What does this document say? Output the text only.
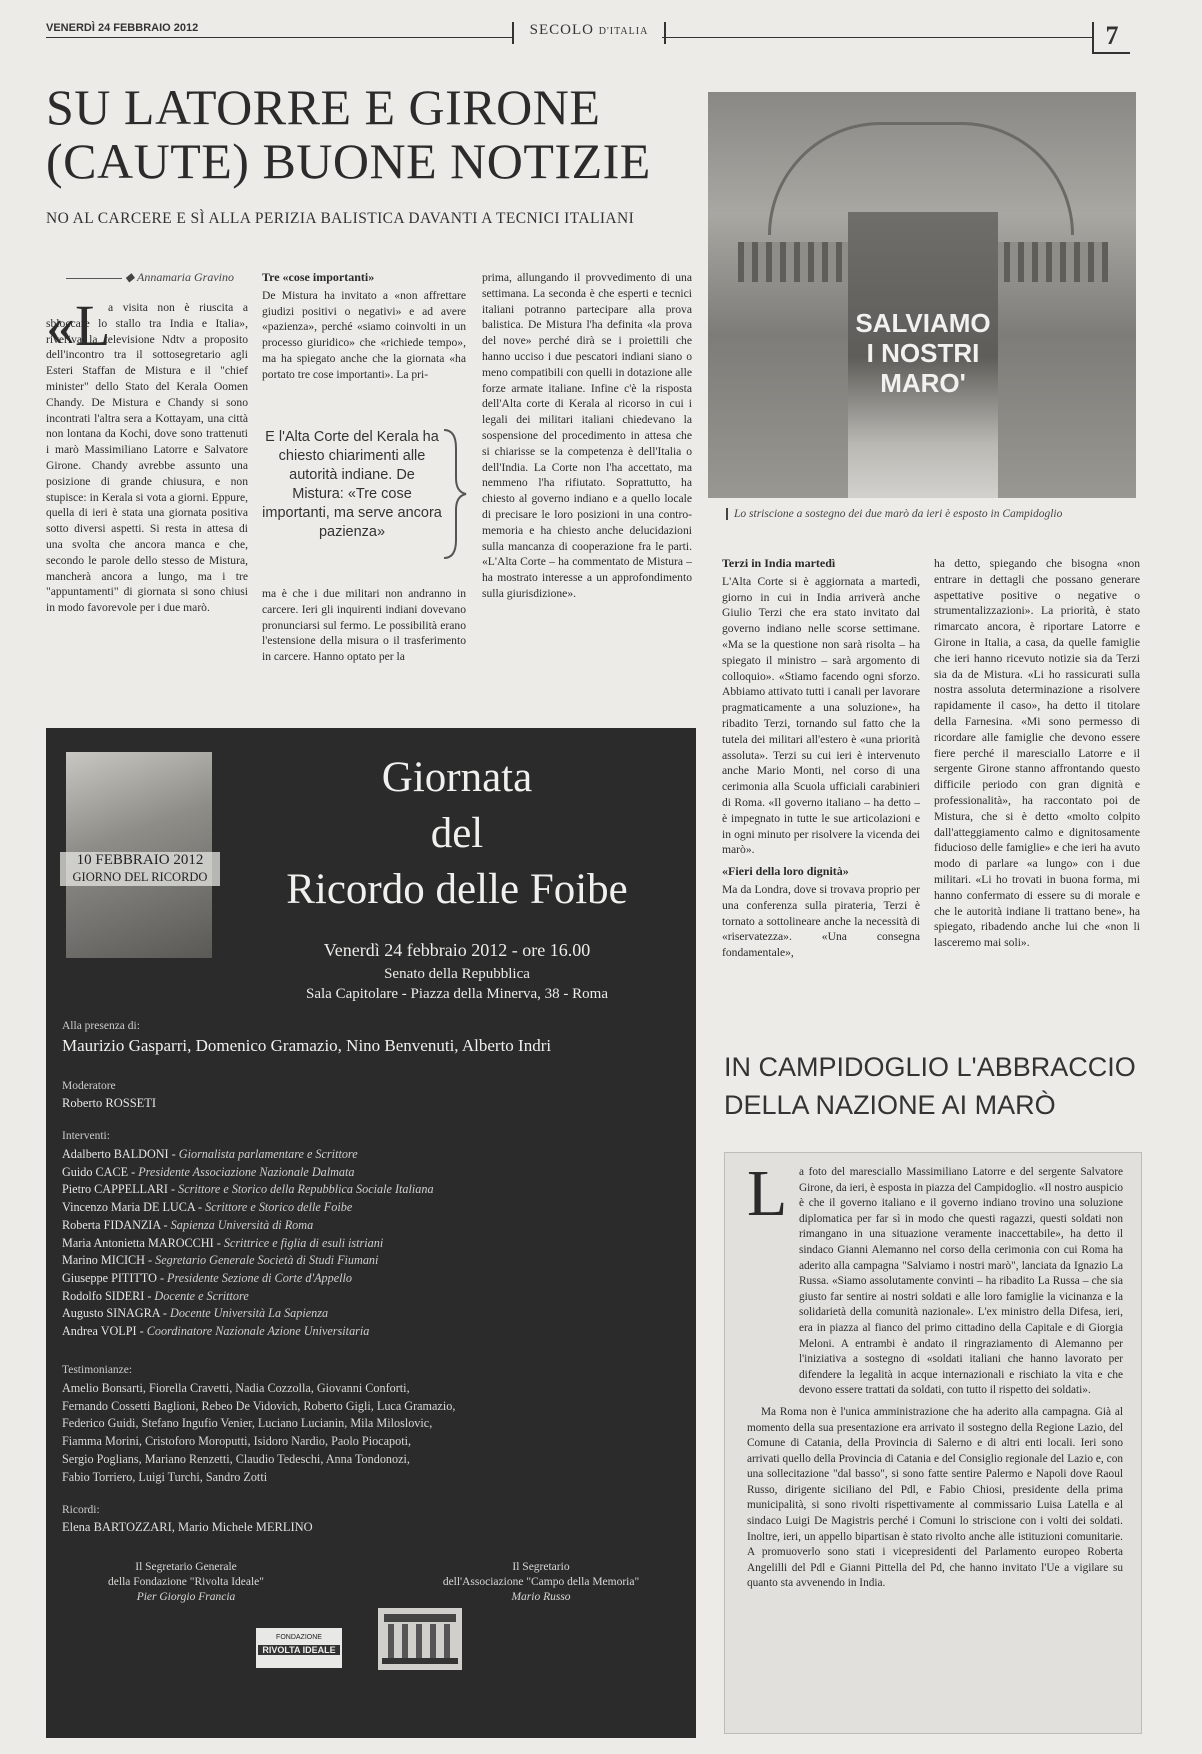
VENERDÌ 24 FEBBRAIO 2012	SECOLO D'ITALIA	7
SU LATORRE E GIRONE
(CAUTE) BUONE NOTIZIE
NO AL CARCERE E SÌ ALLA PERIZIA BALISTICA DAVANTI A TECNICI ITALIANI
◆ Annamaria Gravino
«L

a visita non è riuscita a sbloccare lo stallo tra India e Italia», riveriva la televisione Ndtv a proposito dell'incontro tra il sottosegretario agli Esteri Staffan de Mistura e il "chief minister" dello Stato del Kerala Oomen Chandy. De Mistura e Chandy si sono incontrati l'altra sera a Kottayam, una città non lontana da Kochi, dove sono trattenuti i marò Massimiliano Latorre e Salvatore Girone. Chandy avrebbe assunto una posizione di grande chiusura, e non stupisce: in Kerala si vota a giorni. Eppure, quella di ieri è stata una giornata positiva sotto diversi aspetti. Si resta in attesa di una svolta che ancora manca e che, secondo le parole dello stesso de Mistura, mancherà ancora a lungo, ma i tre "appuntamenti" di giornata si sono chiusi in modo favorevole per i due marò.

Tre «cose importanti»

De Mistura ha invitato a «non affrettare giudizi positivi o negativi» e ad avere «pazienza», perché «siamo coinvolti in un processo giuridico» che «richiede tempo», ma ha spiegato anche che la giornata «ha portato tre cose importanti». La pri-

E l'Alta Corte del Kerala ha chiesto chiarimenti alle autorità indiane. De Mistura: «Tre cose importanti, ma serve ancora pazienza»

ma è che i due militari non andranno in carcere. Ieri gli inquirenti indiani dovevano pronunciarsi sul fermo. Le possibilità erano l'estensione della misura o il trasferimento in carcere. Hanno optato per la

prima, allungando il provvedimento di una settimana. La seconda è che esperti e tecnici italiani potranno partecipare alla prova balistica. De Mistura l'ha definita «la prova del nove» perché dirà se i proiettili che hanno ucciso i due pescatori indiani siano o meno compatibili con quelli in dotazione alle forze armate italiane. Infine c'è la risposta dell'Alta corte di Kerala al ricorso in cui i legali dei militari italiani chiedevano la sospensione del procedimento in attesa che si chiarisse se la competenza è dell'Italia o dell'India. La Corte non l'ha accettato, ma nemmeno l'ha rifiutato. Soprattutto, ha chiesto al governo indiano e a quello locale di precisare le loro posizioni in una contro-memoria e ha chiesto anche delucidazioni sulla mancanza di cooperazione fra le parti. «L'Alta Corte – ha commentato de Mistura – ha mostrato interesse a un approfondimento sulla giurisdizione».

SALVIAMO
I NOSTRI
MARO'
Lo striscione a sostegno dei due marò da ieri è esposto in Campidoglio
Terzi in India martedì

L'Alta Corte si è aggiornata a martedì, giorno in cui in India arriverà anche Giulio Terzi che era stato invitato dal governo indiano nelle scorse settimane. «Ma se la questione non sarà risolta – ha spiegato il ministro – sarà argomento di colloquio». «Stiamo facendo ogni sforzo. Abbiamo attivato tutti i canali per lavorare pragmaticamente a una soluzione», ha ribadito Terzi, tornando sul fatto che la tutela dei militari all'estero è «una priorità assoluta». Terzi su cui ieri è intervenuto anche Mario Monti, nel corso di una cerimonia alla Scuola ufficiali carabinieri di Roma. «Il governo italiano – ha detto – è impegnato in tutte le sue articolazioni e in ogni minuto per risolvere la vicenda dei marò».

«Fieri della loro dignità»

Ma da Londra, dove si trovava proprio per una conferenza sulla pirateria, Terzi è tornato a sottolineare anche la necessità di «riservatezza». «Una consegna fondamentale»,

ha detto, spiegando che bisogna «non entrare in dettagli che possano generare aspettative positive o negative o strumentalizzazioni». La priorità, è stato rimarcato ancora, è riportare Latorre e Girone in Italia, a casa, da quelle famiglie che ieri hanno ricevuto notizie sia da Terzi sia da de Mistura. «Li ho rassicurati sulla nostra assoluta determinazione a risolvere rapidamente il caso», ha detto il titolare della Farnesina. «Mi sono permesso di ricordare alle famiglie che devono essere fiere perché il maresciallo Latorre e il sergente Girone stanno affrontando questo difficile periodo con gran dignità e professionalità», ha raccontato poi de Mistura, che si è detto «molto colpito dall'atteggiamento calmo e dignitosamente fiducioso delle famiglie» e che ieri ha avuto modo di parlare «a lungo» con i due militari. «Li ho trovati in buona forma, mi hanno confermato di essere su di morale e che le autorità indiane li trattano bene», ha spiegato, ribadendo anche lui che «non li lasceremo mai soli».

10 FEBBRAIO 2012
GIORNO DEL RICORDO
Giornata
del
Ricordo delle Foibe
Venerdì 24 febbraio 2012 - ore 16.00
Senato della Repubblica
Sala Capitolare - Piazza della Minerva, 38 - Roma
Alla presenza di:
Maurizio Gasparri, Domenico Gramazio, Nino Benvenuti, Alberto Indri
Moderatore
Roberto ROSSETI
Interventi:
Adalberto BALDONI - Giornalista parlamentare e Scrittore
Guido CACE - Presidente Associazione Nazionale Dalmata
Pietro CAPPELLARI - Scrittore e Storico della Repubblica Sociale Italiana
Vincenzo Maria DE LUCA - Scrittore e Storico delle Foibe
Roberta FIDANZIA - Sapienza Università di Roma
Maria Antonietta MAROCCHI - Scrittrice e figlia di esuli istriani
Marino MICICH - Segretario Generale Società di Studi Fiumani
Giuseppe PITITTO - Presidente Sezione di Corte d'Appello
Rodolfo SIDERI - Docente e Scrittore
Augusto SINAGRA - Docente Università La Sapienza
Andrea VOLPI - Coordinatore Nazionale Azione Universitaria
Testimonianze:
Amelio Bonsarti, Fiorella Cravetti, Nadia Cozzolla, Giovanni Conforti,
Fernando Cossetti Baglioni, Rebeo De Vidovich, Roberto Gigli, Luca Gramazio,
Federico Guidi, Stefano Ingufio Venier, Luciano Lucianin, Mila Miloslovic,
Fiamma Morini, Cristoforo Moroputti, Isidoro Nardio, Paolo Piocapoti,
Sergio Poglians, Mariano Renzetti, Claudio Tedeschi, Anna Tondonozi,
Fabio Torriero, Luigi Turchi, Sandro Zotti
Ricordi:
Elena BARTOZZARI, Mario Michele MERLINO
Il Segretario Generale
della Fondazione "Rivolta Ideale"
Pier Giorgio Francia
Il Segretario
dell'Associazione "Campo della Memoria"
Mario Russo
FONDAZIONE
RIVOLTA IDEALE
IN CAMPIDOGLIO L'ABBRACCIO
DELLA NAZIONE AI MARÒ
L	a foto del maresciallo Massimiliano Latorre e del sergente Salvatore Girone, da ieri, è esposta in piazza del Campidoglio. «Il nostro auspicio è che il governo italiano e il governo indiano trovino una soluzione diplomatica per far sì in modo che questi ragazzi, questi soldati non rimangano in una situazione veramente inaccettabile», ha detto il sindaco Gianni Alemanno nel corso della cerimonia con cui Roma ha aderito alla campagna "Salviamo i nostri marò", lanciata da Ignazio La Russa. «Siamo assolutamente convinti – ha ribadito La Russa – che sia giusto far sentire ai nostri soldati e alle loro famiglie la vicinanza e la solidarietà della comunità nazionale». L'ex ministro della Difesa, ieri, era in piazza al fianco del primo cittadino della Capitale e di Giorgia Meloni. A entrambi è andato il ringraziamento di Alemanno per l'iniziativa a sostegno di «soldati italiani che hanno lavorato per difendere la legalità in acque internazionali e rischiato la vita e che devono essere trattati da soldati, con tutto il rispetto dei soldati».

Ma Roma non è l'unica amministrazione che ha aderito alla campagna. Già al momento della sua presentazione era arrivato il sostegno della Regione Lazio, del Comune di Catania, della Provincia di Salerno e di altri enti locali. Ieri sono arrivati quello della Provincia di Catania e del Consiglio regionale del Lazio e, con una sollecitazione "dal basso", si sono fatte sentire Palermo e Napoli dove Raoul Russo, dirigente siciliano del Pdl, e Fabio Chiosi, presidente della prima municipalità, si sono rivolti rispettivamente al commissario Luisa Latella e al sindaco Luigi De Magistris perché i Comuni lo striscione con i volti dei soldati. Inoltre, ieri, un appello bipartisan è stato rivolto anche alle istituzioni comunitarie. A promuoverlo sono stati i vicepresidenti del Parlamento europeo Roberta Angelilli del Pdl e Gianni Pittella del Pd, che hanno invitato l'Ue a vigilare su quanto sta avvenendo in India.
